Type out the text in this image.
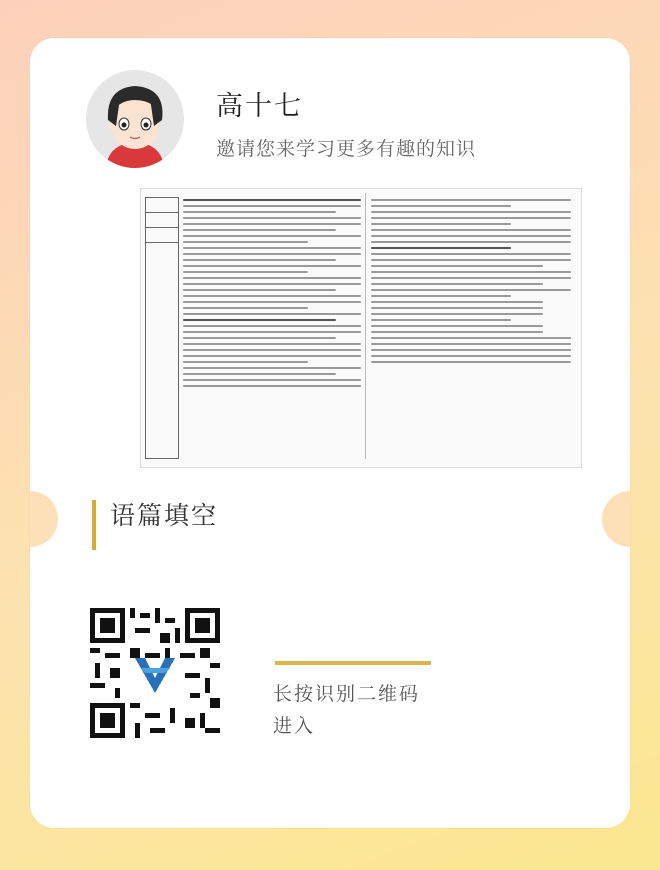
高十七
邀请您来学习更多有趣的知识
语篇填空
长按识别二维码
进入
